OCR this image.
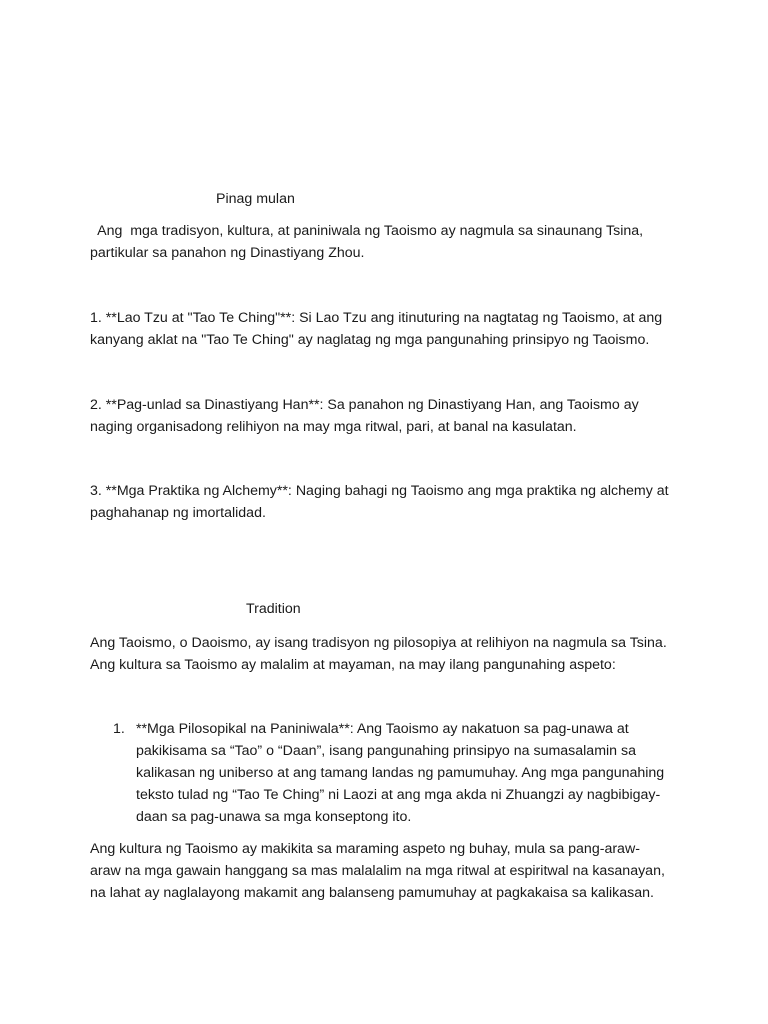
Pinag mulan

Ang  mga tradisyon, kultura, at paniniwala ng Taoismo ay nagmula sa sinaunang Tsina,
partikular sa panahon ng Dinastiyang Zhou.

1. **Lao Tzu at "Tao Te Ching"**: Si Lao Tzu ang itinuturing na nagtatag ng Taoismo, at ang
kanyang aklat na "Tao Te Ching" ay naglatag ng mga pangunahing prinsipyo ng Taoismo.

2. **Pag-unlad sa Dinastiyang Han**: Sa panahon ng Dinastiyang Han, ang Taoismo ay
naging organisadong relihiyon na may mga ritwal, pari, at banal na kasulatan.

3. **Mga Praktika ng Alchemy**: Naging bahagi ng Taoismo ang mga praktika ng alchemy at
paghahanap ng imortalidad.

Tradition

Ang Taoismo, o Daoismo, ay isang tradisyon ng pilosopiya at relihiyon na nagmula sa Tsina.
Ang kultura sa Taoismo ay malalim at mayaman, na may ilang pangunahing aspeto:

1. **Mga Pilosopikal na Paniniwala**: Ang Taoismo ay nakatuon sa pag-unawa at
pakikisama sa “Tao” o “Daan”, isang pangunahing prinsipyo na sumasalamin sa
kalikasan ng uniberso at ang tamang landas ng pamumuhay. Ang mga pangunahing
teksto tulad ng “Tao Te Ching” ni Laozi at ang mga akda ni Zhuangzi ay nagbibigay-
daan sa pag-unawa sa mga konseptong ito.

Ang kultura ng Taoismo ay makikita sa maraming aspeto ng buhay, mula sa pang-araw-
araw na mga gawain hanggang sa mas malalalim na mga ritwal at espiritwal na kasanayan,
na lahat ay naglalayong makamit ang balanseng pamumuhay at pagkakaisa sa kalikasan.
